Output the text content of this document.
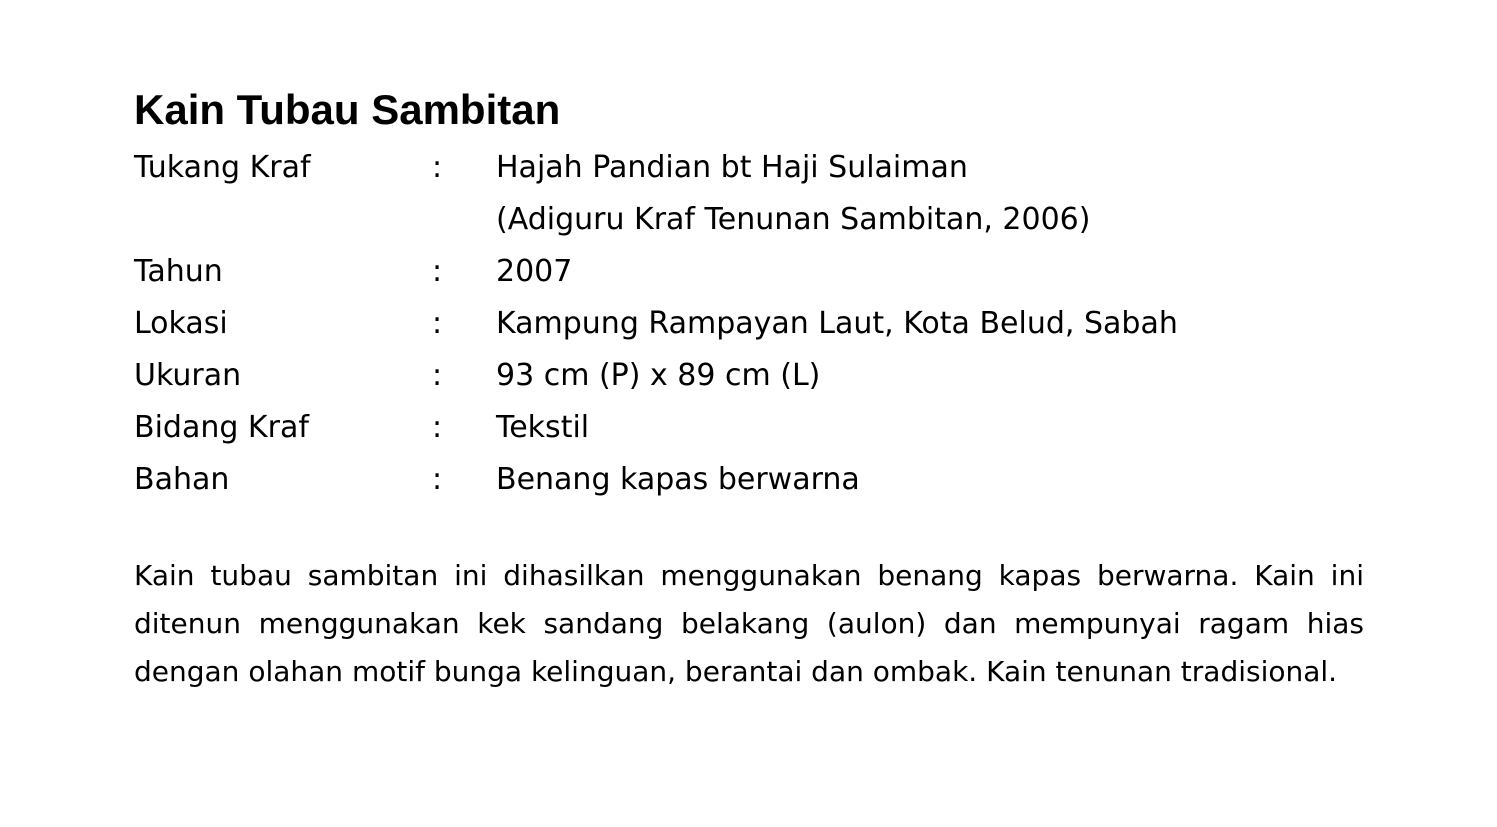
Kain Tubau Sambitan
Tukang Kraf	: Hajah Pandian bt Haji Sulaiman
(Adiguru Kraf Tenunan Sambitan, 2006)
Tahun	: 2007
Lokasi	: Kampung Rampayan Laut, Kota Belud, Sabah
Ukuran	: 93 cm (P) x 89 cm (L)
Bidang Kraf	: Tekstil
Bahan	: Benang kapas berwarna

Kain tubau sambitan ini dihasilkan menggunakan benang kapas berwarna. Kain ini ditenun menggunakan kek sandang belakang (aulon) dan mempunyai ragam hias dengan olahan motif bunga kelinguan, berantai dan ombak. Kain tenunan tradisional.
